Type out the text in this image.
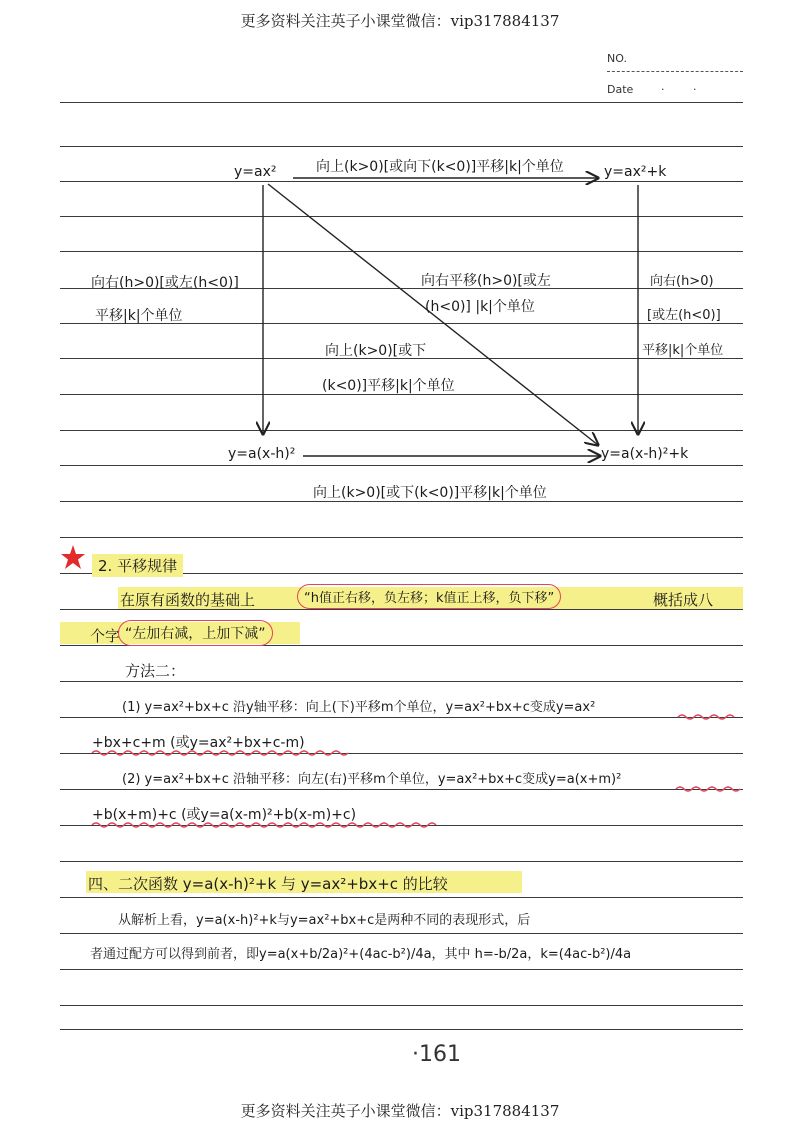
更多资料关注英子小课堂微信：vip317884137
更多资料关注英子小课堂微信：vip317884137
NO.
Date	·	·
y=ax²	向上(k>0)[或向下(k<0)]平移|k|个单位	y=ax²+k
向右(h>0)[或左(h<0)]
平移|k|个单位
向右平移(h>0)[或左
(h<0)] |k|个单位
向上(k>0)[或下
(k<0)]平移|k|个单位
向右(h>0)
[或左(h<0)]
平移|k|个单位
y=a(x-h)²	y=a(x-h)²+k
向上(k>0)[或下(k<0)]平移|k|个单位
2. 平移规律
在原有函数的基础上	“h值正右移，负左移；k值正上移，负下移”	概括成八
个字 “左加右减，上加下减”
方法二：
(1) y=ax²+bx+c 沿y轴平移：向上(下)平移m个单位，y=ax²+bx+c变成y=ax²
+bx+c+m (或y=ax²+bx+c-m)
(2) y=ax²+bx+c 沿轴平移：向左(右)平移m个单位，y=ax²+bx+c变成y=a(x+m)²
+b(x+m)+c (或y=a(x-m)²+b(x-m)+c)
四、二次函数 y=a(x-h)²+k 与 y=ax²+bx+c 的比较
从解析上看，y=a(x-h)²+k与y=ax²+bx+c是两种不同的表现形式，后
者通过配方可以得到前者，即y=a(x+b/2a)²+(4ac-b²)/4a，其中 h=-b/2a，k=(4ac-b²)/4a
·161
